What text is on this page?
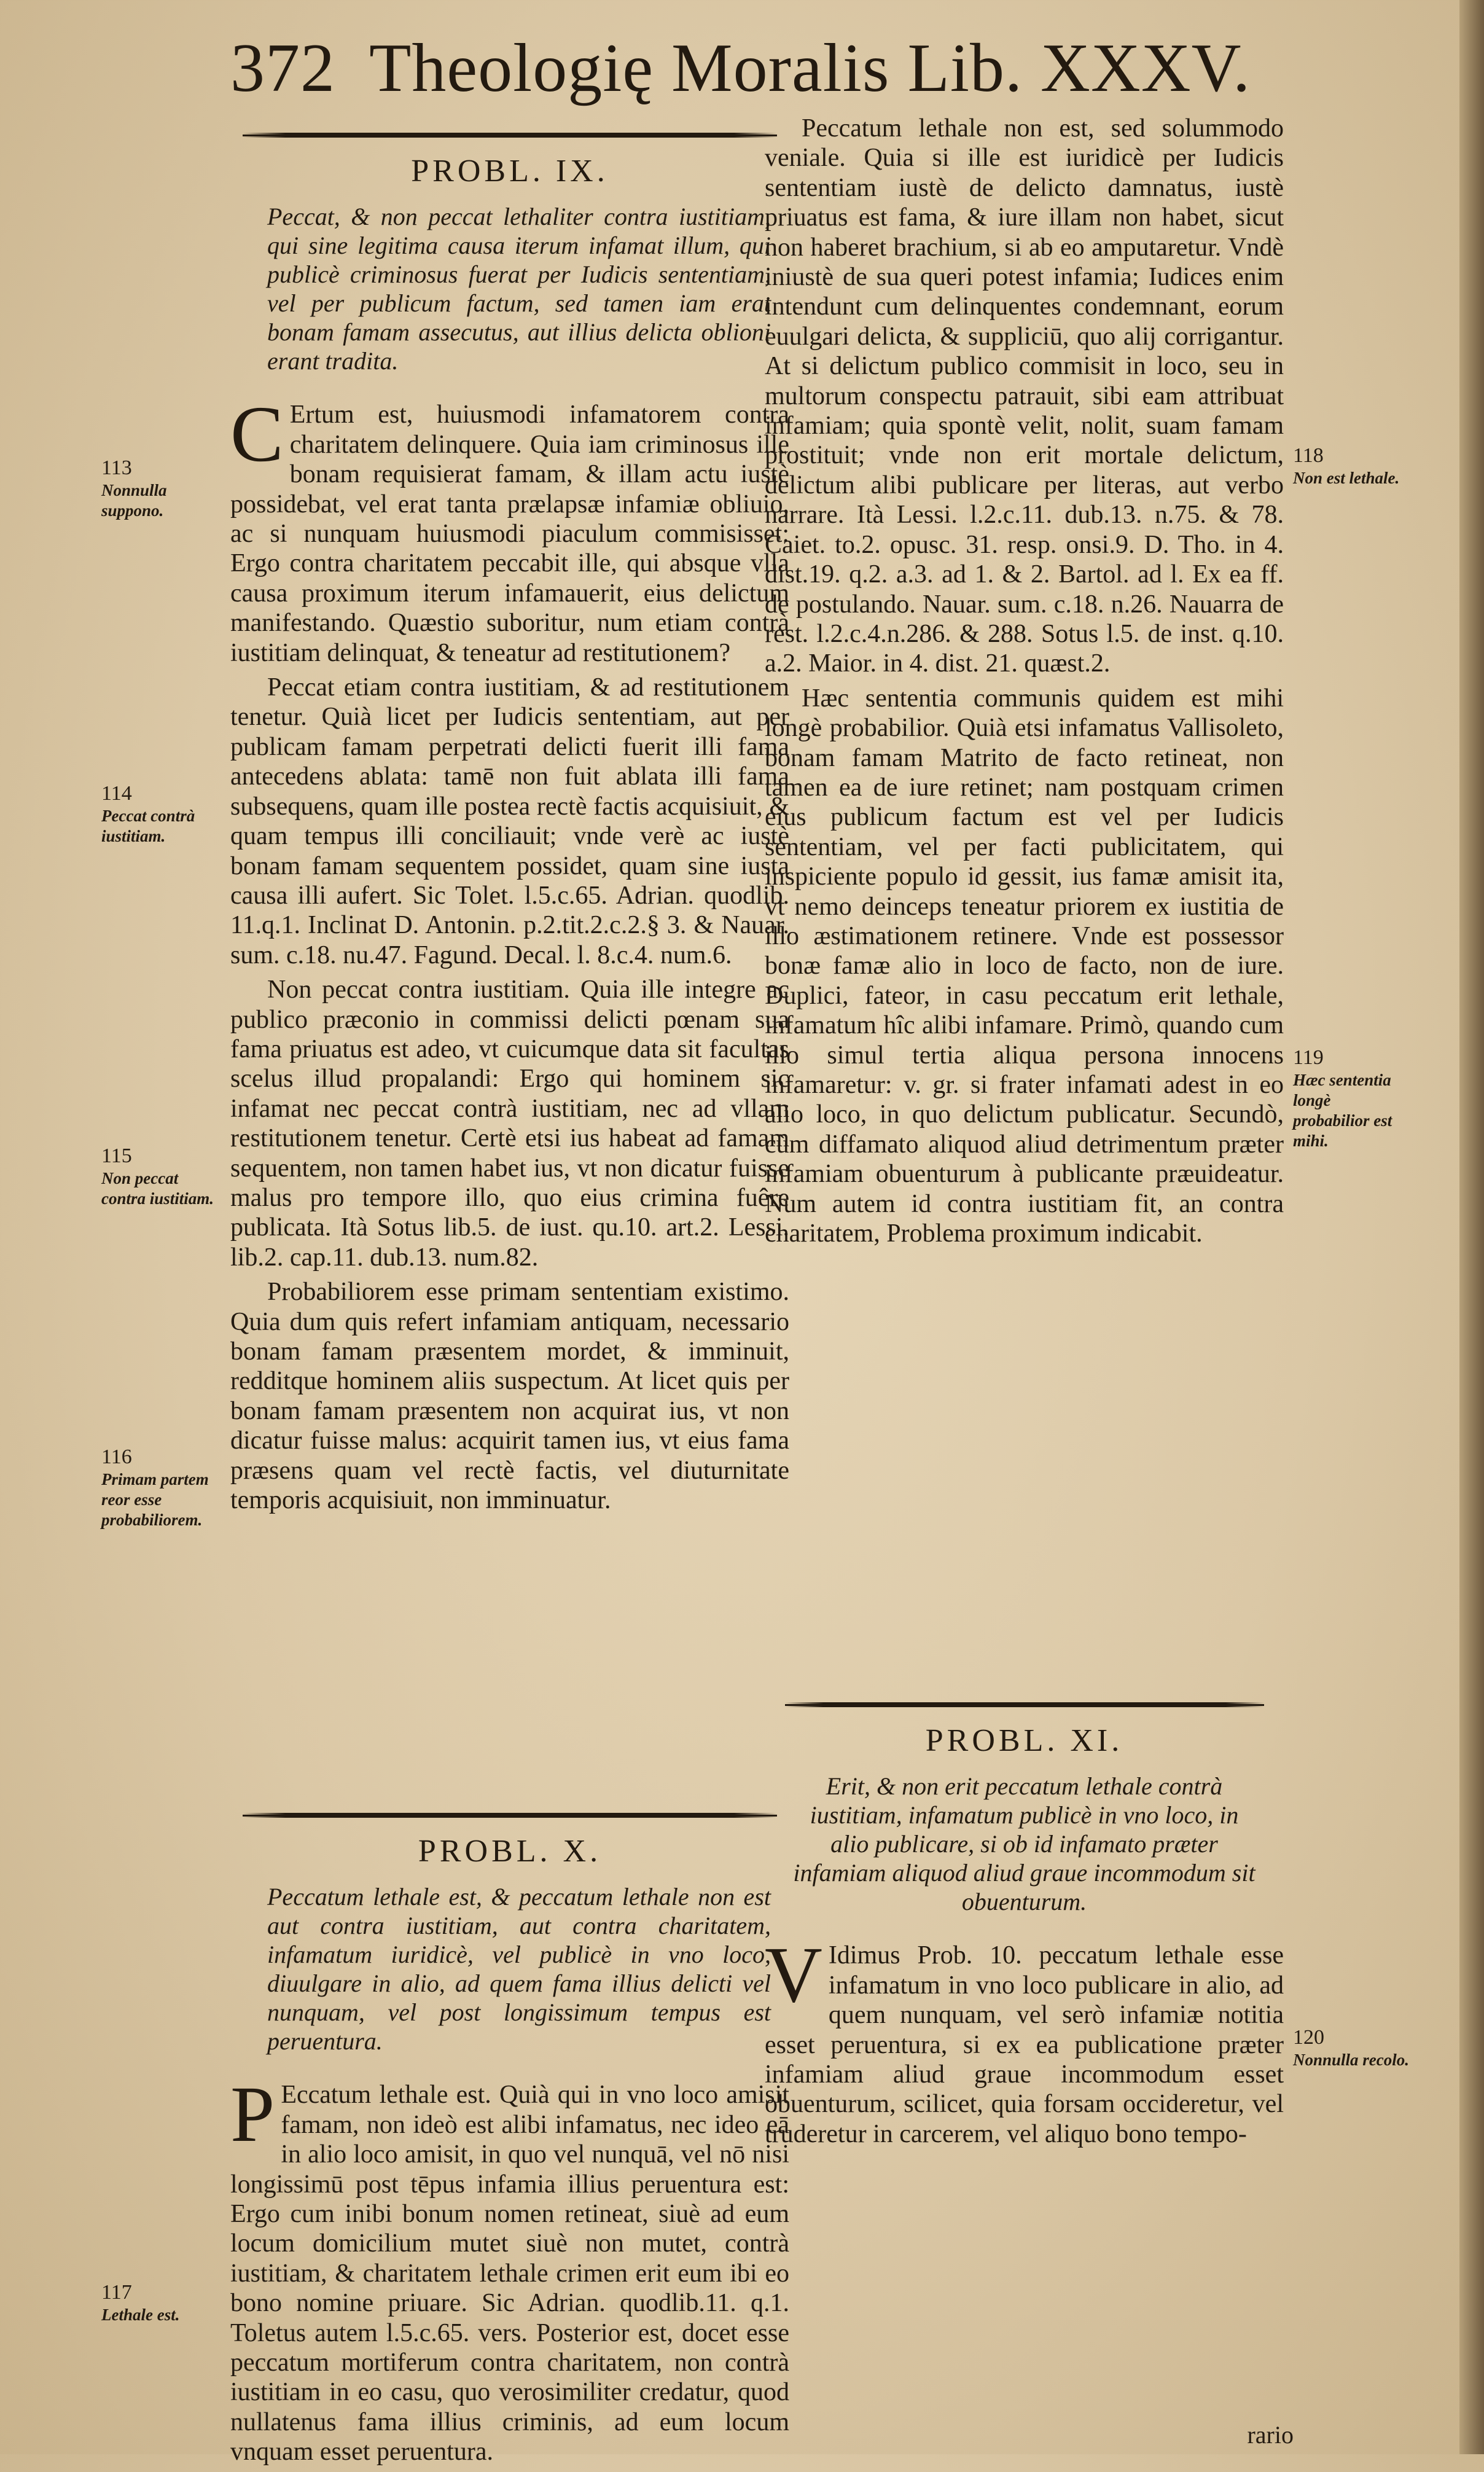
372 Theologię Moralis Lib. XXXV.
PROBL. IX.
Peccat, & non peccat lethaliter contra iustitiam, qui sine legitima causa iterum infamat illum, qui publicè criminosus fuerat per Iudicis sententiam, vel per publicum factum, sed tamen iam erat bonam famam assecutus, aut illius delicta oblioni erant tradita.

C Ertum est, huiusmodi infamatorem contra charitatem delinquere. Quia iam criminosus ille bonam requisierat famam, & illam actu iustè possidebat, vel erat tanta prælapsæ infamiæ obliuio, ac si nunquam huiusmodi piaculum commisisset: Ergo contra charitatem peccabit ille, qui absque vlla causa proximum iterum infamauerit, eius delictum manifestando. Quæstio suboritur, num etiam contrà iustitiam delinquat, & teneatur ad restitutionem?

Peccat etiam contra iustitiam, & ad restitutionem tenetur. Quià licet per Iudicis sententiam, aut per publicam famam perpetrati delicti fuerit illi fama antecedens ablata: tamē non fuit ablata illi fama subsequens, quam ille postea rectè factis acquisiuit, & quam tempus illi conciliauit; vnde verè ac iustè bonam famam sequentem possidet, quam sine iusta causa illi aufert. Sic Tolet. l.5.c.65. Adrian. quodlib. 11.q.1. Inclinat D. Antonin. p.2.tit.2.c.2.§ 3. & Nauar. sum. c.18. nu.47. Fagund. Decal. l. 8.c.4. num.6.

Non peccat contra iustitiam. Quia ille integre ac publico præconio in commissi delicti pœnam sua fama priuatus est adeo, vt cuicumque data sit facultas scelus illud propalandi: Ergo qui hominem sic infamat nec peccat contrà iustitiam, nec ad vllam restitutionem tenetur. Certè etsi ius habeat ad famam sequentem, non tamen habet ius, vt non dicatur fuisse malus pro tempore illo, quo eius crimina fuêre publicata. Ità Sotus lib.5. de iust. qu.10. art.2. Lessi. lib.2. cap.11. dub.13. num.82.

Probabiliorem esse primam sententiam existimo. Quia dum quis refert infamiam antiquam, necessario bonam famam præsentem mordet, & imminuit, redditque hominem aliis suspectum. At licet quis per bonam famam præsentem non acquirat ius, vt non dicatur fuisse malus: acquirit tamen ius, vt eius fama præsens quam vel rectè factis, vel diuturnitate temporis acquisiuit, non imminuatur.

PROBL. X.
Peccatum lethale est, & peccatum lethale non est aut contra iustitiam, aut contra charitatem, infamatum iuridicè, vel publicè in vno loco, diuulgare in alio, ad quem fama illius delicti vel nunquam, vel post longissimum tempus est peruentura.

P Eccatum lethale est. Quià qui in vno loco amisit famam, non ideò est alibi infamatus, nec ideo eā in alio loco amisit, in quo vel nunquā, vel nō nisi longissimū post tēpus infamia illius peruentura est: Ergo cum inibi bonum nomen retineat, siuè ad eum locum domicilium mutet siuè non mutet, contrà iustitiam, & charitatem lethale crimen erit eum ibi eo bono nomine priuare. Sic Adrian. quodlib.11. q.1. Toletus autem l.5.c.65. vers. Posterior est, docet esse peccatum mortiferum contra charitatem, non contrà iustitiam in eo casu, quo verosimiliter credatur, quod nullatenus fama illius criminis, ad eum locum vnquam esset peruentura.

Peccatum lethale non est, sed solummodo veniale. Quia si ille est iuridicè per Iudicis sententiam iustè de delicto damnatus, iustè priuatus est fama, & iure illam non habet, sicut non haberet brachium, si ab eo amputaretur. Vndè iniustè de sua queri potest infamia; Iudices enim intendunt cum delinquentes condemnant, eorum euulgari delicta, & suppliciū, quo alij corrigantur. At si delictum publico commisit in loco, seu in multorum conspectu patrauit, sibi eam attribuat infamiam; quia spontè velit, nolit, suam famam prostituit; vnde non erit mortale delictum, delictum alibi publicare per literas, aut verbo narrare. Ità Lessi. l.2.c.11. dub.13. n.75. & 78. Caiet. to.2. opusc. 31. resp. onsi.9. D. Tho. in 4. dist.19. q.2. a.3. ad 1. & 2. Bartol. ad l. Ex ea ff. de postulando. Nauar. sum. c.18. n.26. Nauarra de rest. l.2.c.4.n.286. & 288. Sotus l.5. de inst. q.10. a.2. Maior. in 4. dist. 21. quæst.2.

Hæc sententia communis quidem est mihi longè probabilior. Quià etsi infamatus Vallisoleto, bonam famam Matrito de facto retineat, non tamen ea de iure retinet; nam postquam crimen eius publicum factum est vel per Iudicis sententiam, vel per facti publicitatem, qui inspiciente populo id gessit, ius famæ amisit ita, vt nemo deinceps teneatur priorem ex iustitia de illo æstimationem retinere. Vnde est possessor bonæ famæ alio in loco de facto, non de iure. Duplici, fateor, in casu peccatum erit lethale, infamatum hîc alibi infamare. Primò, quando cum illo simul tertia aliqua persona innocens infamaretur: v. gr. si frater infamati adest in eo alio loco, in quo delictum publicatur. Secundò, cùm diffamato aliquod aliud detrimentum præter infamiam obuenturum à publicante præuideatur. Num autem id contra iustitiam fit, an contra charitatem, Problema proximum indicabit.

PROBL. XI.
Erit, & non erit peccatum lethale contrà iustitiam, infamatum publicè in vno loco, in alio publicare, si ob id infamato præter infamiam aliquod aliud graue incommodum sit obuenturum.

V Idimus Prob. 10. peccatum lethale esse infamatum in vno loco publicare in alio, ad quem nunquam, vel serò infamiæ notitia esset peruentura, si ex ea publicatione præter infamiam aliud graue incommodum esset obuenturum, scilicet, quia forsam occideretur, vel truderetur in carcerem, vel aliquo bono tempo-

113
Nonnulla suppono.
114
Peccat contrà iustitiam.
115
Non peccat contra iustitiam.
116
Primam partem reor esse probabiliorem.
117
Lethale est.
118
Non est lethale.
119
Hæc sententia longè probabilior est mihi.
120
Nonnulla recolo.
rario
